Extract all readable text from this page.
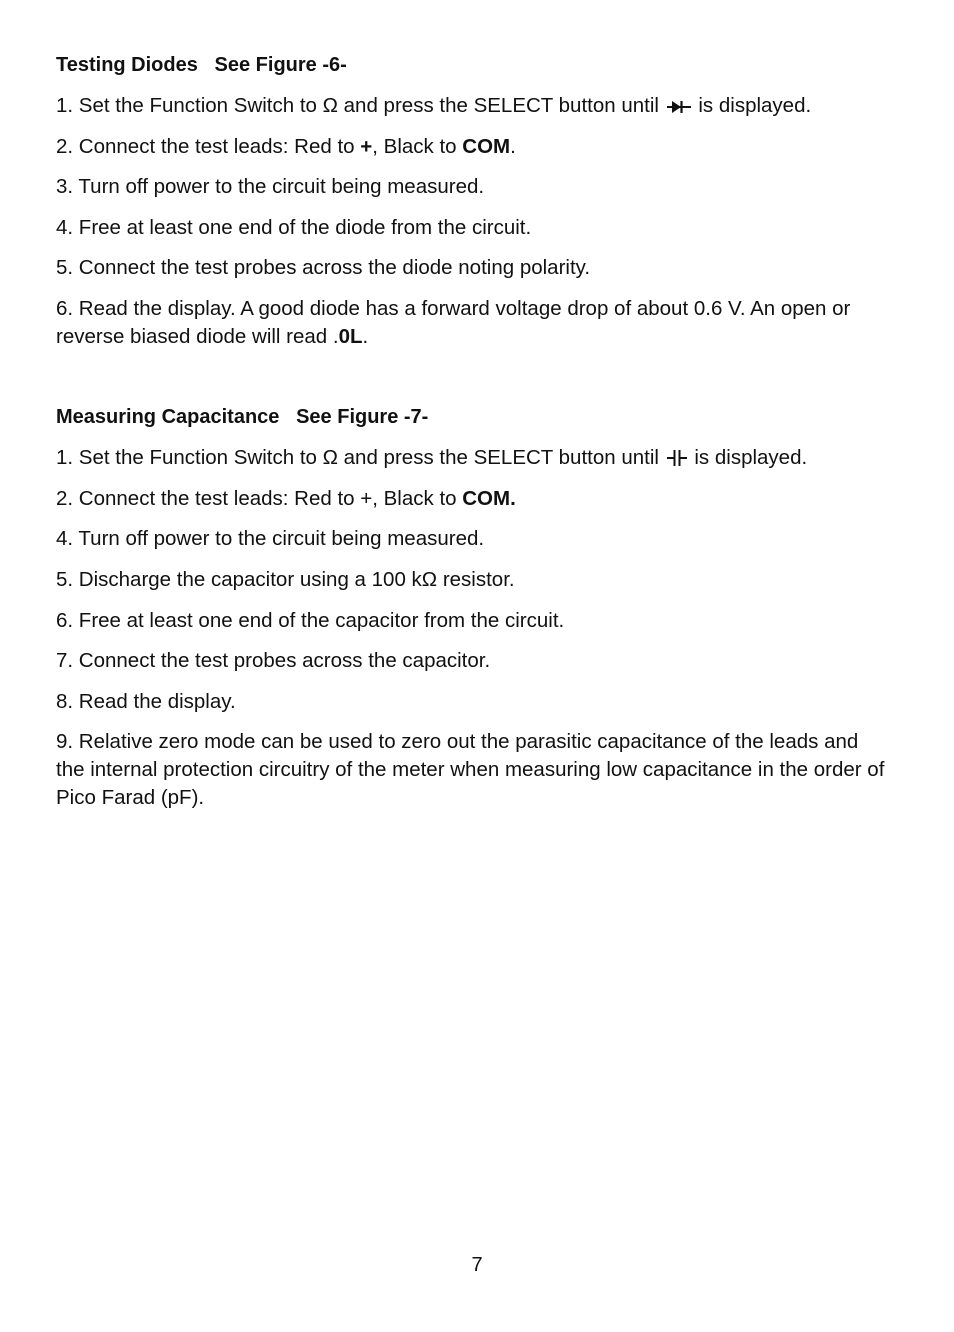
Testing Diodes   See Figure -6-

1. Set the Function Switch to Ω and press the SELECT button until is displayed.

2. Connect the test leads: Red to +, Black to COM.

3. Turn off power to the circuit being measured.

4. Free at least one end of the diode from the circuit.

5. Connect the test probes across the diode noting polarity.

6. Read the display. A good diode has a forward voltage drop of about 0.6 V. An open or reverse biased diode will read .0L.

Measuring Capacitance   See Figure -7-

1. Set the Function Switch to Ω and press the SELECT button until is displayed.

2. Connect the test leads: Red to +, Black to COM.

4. Turn off power to the circuit being measured.

5. Discharge the capacitor using a 100 kΩ resistor.

6. Free at least one end of the capacitor from the circuit.

7. Connect the test probes across the capacitor.

8. Read the display.

9. Relative zero mode can be used to zero out the parasitic capacitance of the leads and the internal protection circuitry of the meter when measuring low capacitance in the order of Pico Farad (pF).

7
